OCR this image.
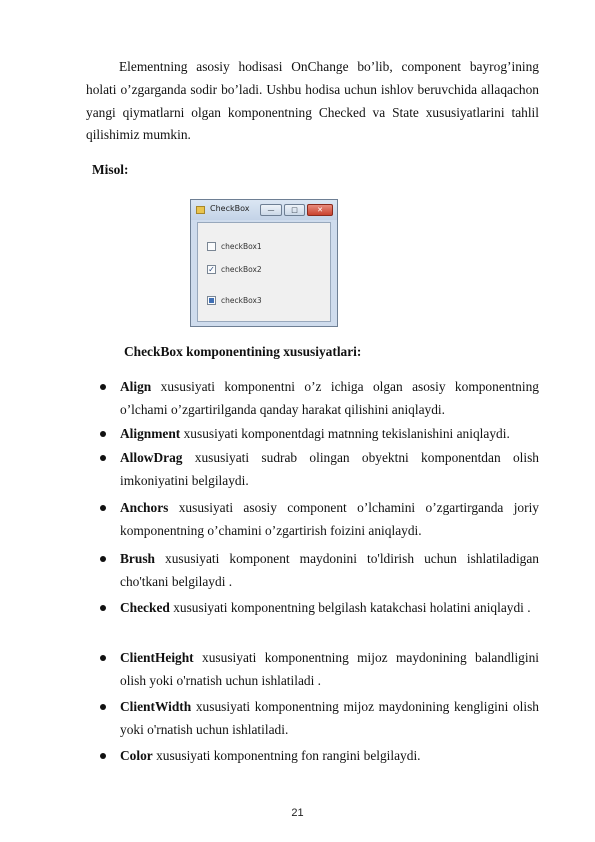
Elementning asosiy hodisasi OnChange bo’lib, component bayrog’ining holati o’zgarganda sodir bo’ladi. Ushbu hodisa uchun ishlov beruvchida allaqachon yangi qiymatlarni olgan komponentning Checked va State xususiyatlarini tahlil qilishimiz mumkin.

Misol:
CheckBox	—	□	✕
checkBox1
✓ checkBox2
checkBox3
CheckBox komponentining xususiyatlari:
Align xususiyati komponentni o’z ichiga olgan asosiy komponentning o’lchami o’zgartirilganda qanday harakat qilishini aniqlaydi.
Alignment xususiyati komponentdagi matnning tekislanishini aniqlaydi.
AllowDrag xususiyati sudrab olingan obyektni komponentdan olish imkoniyatini belgilaydi.
Anchors xususiyati asosiy component o’lchamini o’zgartirganda joriy komponentning o’chamini o’zgartirish foizini aniqlaydi.
Brush xususiyati komponent maydonini to'ldirish uchun ishlatiladigan cho'tkani belgilaydi .
Checked xususiyati komponentning belgilash katakchasi holatini aniqlaydi .
ClientHeight xususiyati komponentning mijoz maydonining balandligini olish yoki o'rnatish uchun ishlatiladi .
ClientWidth xususiyati komponentning mijoz maydonining kengligini olish yoki o'rnatish uchun ishlatiladi.
Color xususiyati komponentning fon rangini belgilaydi.
21
